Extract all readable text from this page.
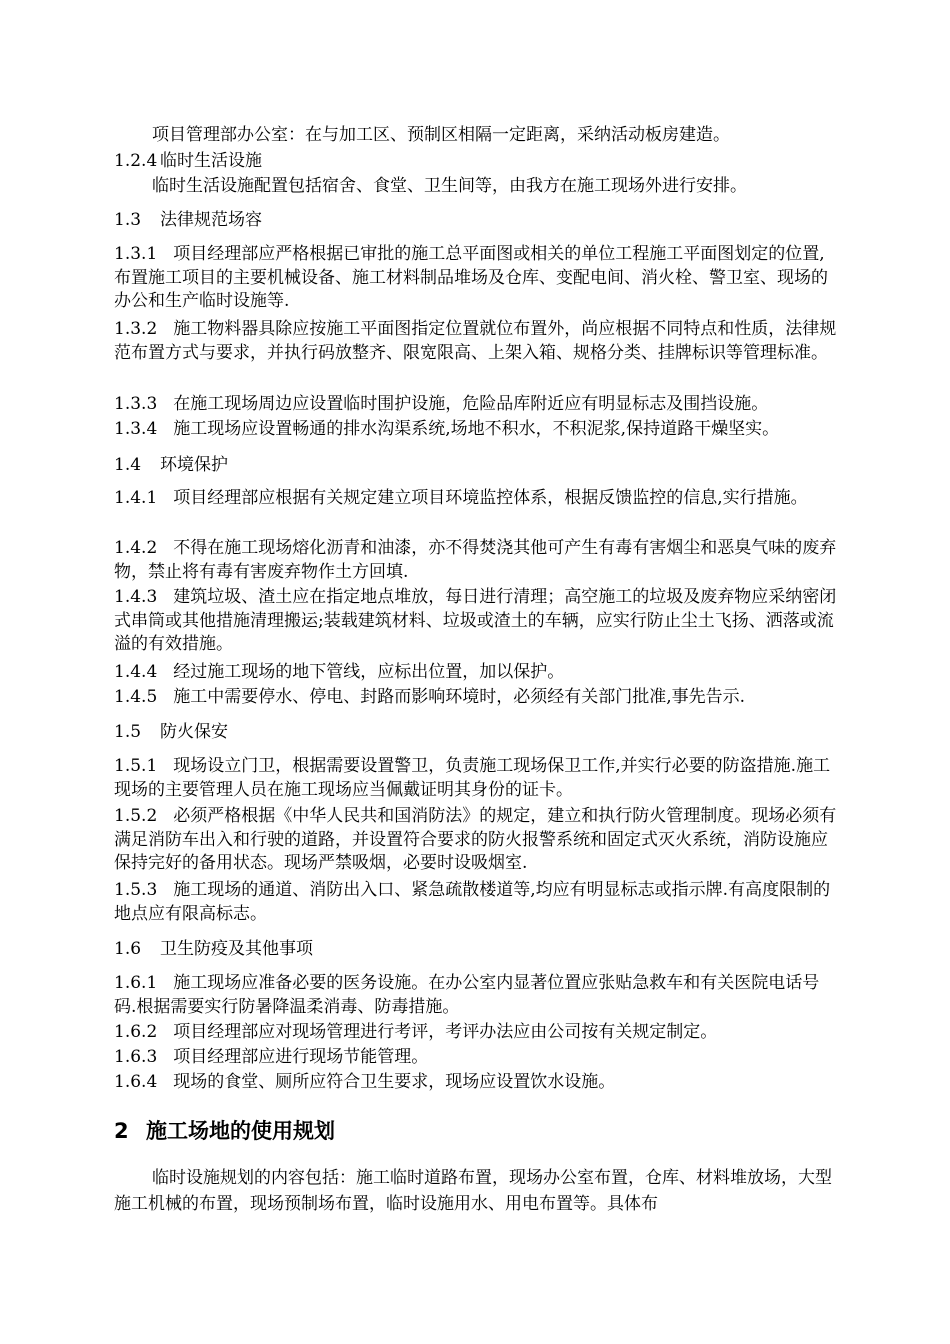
项目管理部办公室：在与加工区、预制区相隔一定距离，采纳活动板房建造。
1.2.4 临时生活设施
临时生活设施配置包括宿舍、食堂、卫生间等，由我方在施工现场外进行安排。
1.3 法律规范场容
1.3.1 项目经理部应严格根据已审批的施工总平面图或相关的单位工程施工平面图划定的位置,布置施工项目的主要机械设备、施工材料制品堆场及仓库、变配电间、消火栓、警卫室、现场的办公和生产临时设施等.
1.3.2 施工物料器具除应按施工平面图指定位置就位布置外，尚应根据不同特点和性质，法律规范布置方式与要求，并执行码放整齐、限宽限高、上架入箱、规格分类、挂牌标识等管理标准。
1.3.3 在施工现场周边应设置临时围护设施，危险品库附近应有明显标志及围挡设施。
1.3.4 施工现场应设置畅通的排水沟渠系统,场地不积水，不积泥浆,保持道路干燥坚实。
1.4 环境保护
1.4.1 项目经理部应根据有关规定建立项目环境监控体系，根据反馈监控的信息,实行措施。
1.4.2 不得在施工现场熔化沥青和油漆，亦不得焚浇其他可产生有毒有害烟尘和恶臭气味的废弃物，禁止将有毒有害废弃物作土方回填.
1.4.3 建筑垃圾、渣土应在指定地点堆放，每日进行清理；高空施工的垃圾及废弃物应采纳密闭式串筒或其他措施清理搬运;装载建筑材料、垃圾或渣土的车辆，应实行防止尘土飞扬、洒落或流溢的有效措施。
1.4.4 经过施工现场的地下管线，应标出位置，加以保护。
1.4.5 施工中需要停水、停电、封路而影响环境时，必须经有关部门批准,事先告示.
1.5 防火保安
1.5.1 现场设立门卫，根据需要设置警卫，负责施工现场保卫工作,并实行必要的防盗措施.施工现场的主要管理人员在施工现场应当佩戴证明其身份的证卡。
1.5.2 必须严格根据《中华人民共和国消防法》的规定，建立和执行防火管理制度。现场必须有满足消防车出入和行驶的道路，并设置符合要求的防火报警系统和固定式灭火系统，消防设施应保持完好的备用状态。现场严禁吸烟，必要时设吸烟室.
1.5.3 施工现场的通道、消防出入口、紧急疏散楼道等,均应有明显标志或指示牌.有高度限制的地点应有限高标志。
1.6 卫生防疫及其他事项
1.6.1 施工现场应准备必要的医务设施。在办公室内显著位置应张贴急救车和有关医院电话号码.根据需要实行防暑降温柔消毒、防毒措施。
1.6.2 项目经理部应对现场管理进行考评，考评办法应由公司按有关规定制定。
1.6.3 项目经理部应进行现场节能管理。
1.6.4 现场的食堂、厕所应符合卫生要求，现场应设置饮水设施。
2 施工场地的使用规划
临时设施规划的内容包括：施工临时道路布置，现场办公室布置，仓库、材料堆放场，大型施工机械的布置，现场预制场布置，临时设施用水、用电布置等。具体布
